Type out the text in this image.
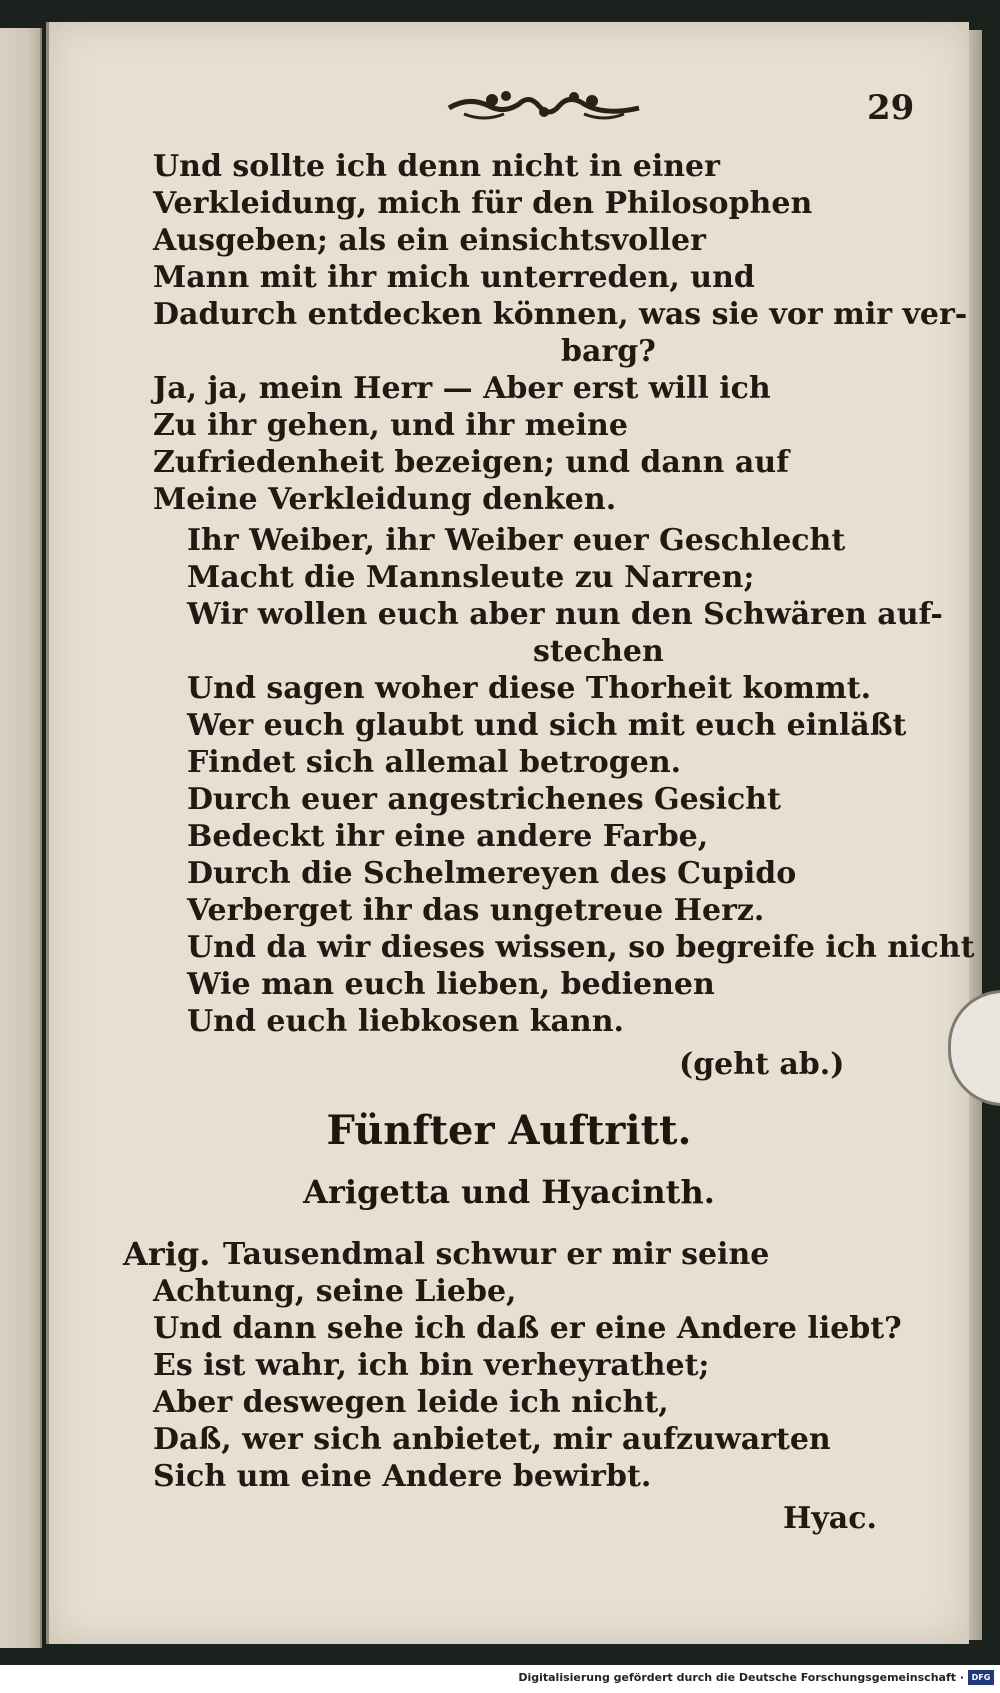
29
Und sollte ich denn nicht in einer
Verkleidung, mich für den Philosophen
Ausgeben; als ein einsichtsvoller
Mann mit ihr mich unterreden, und
Dadurch entdecken können, was sie vor mir ver-
barg?
Ja, ja, mein Herr — Aber erst will ich
Zu ihr gehen, und ihr meine
Zufriedenheit bezeigen; und dann auf
Meine Verkleidung denken.
Ihr Weiber, ihr Weiber euer Geschlecht
Macht die Mannsleute zu Narren;
Wir wollen euch aber nun den Schwären auf-
stechen
Und sagen woher diese Thorheit kommt.
Wer euch glaubt und sich mit euch einläßt
Findet sich allemal betrogen.
Durch euer angestrichenes Gesicht
Bedeckt ihr eine andere Farbe,
Durch die Schelmereyen des Cupido
Verberget ihr das ungetreue Herz.
Und da wir dieses wissen, so begreife ich nicht
Wie man euch lieben, bedienen
Und euch liebkosen kann.
(geht ab.)
Fünfter Auftritt.
Arigetta und Hyacinth.
Arig. Tausendmal schwur er mir seine
Achtung, seine Liebe,
Und dann sehe ich daß er eine Andere liebt?
Es ist wahr, ich bin verheyrathet;
Aber deswegen leide ich nicht,
Daß, wer sich anbietet, mir aufzuwarten
Sich um eine Andere bewirbt.
Hyac.
Digitalisierung gefördert durch die Deutsche Forschungsgemeinschaft · DFG
